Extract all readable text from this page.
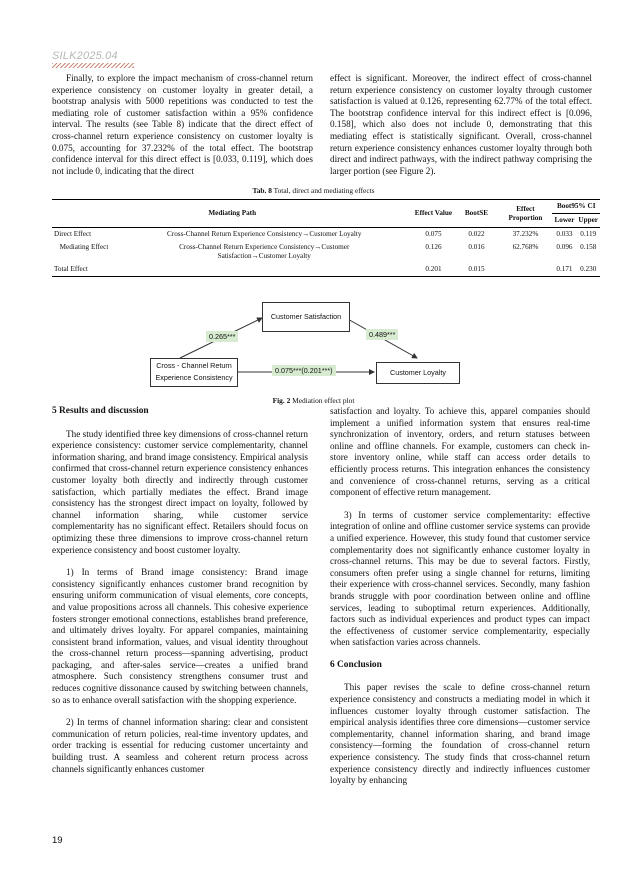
SILK2025.04

Finally, to explore the impact mechanism of cross-channel return experience consistency on customer loyalty in greater detail, a bootstrap analysis with 5000 repetitions was conducted to test the mediating role of customer satisfaction within a 95% confidence interval. The results (see Table 8) indicate that the direct effect of cross-channel return experience consistency on customer loyalty is 0.075, accounting for 37.232% of the total effect. The bootstrap confidence interval for this direct effect is [0.033, 0.119], which does not include 0, indicating that the direct

effect is significant. Moreover, the indirect effect of cross-channel return experience consistency on customer loyalty through customer satisfaction is valued at 0.126, representing 62.77% of the total effect. The bootstrap confidence interval for this indirect effect is [0.096, 0.158], which also does not include 0, demonstrating that this mediating effect is statistically significant. Overall, cross-channel return experience consistency enhances customer loyalty through both direct and indirect pathways, with the indirect pathway comprising the larger portion (see Figure 2).

Tab. 8 Total, direct and mediating effects
Mediating Path		Effect Value	BootSE	Effect Proportion	Boot95% CI	
					Lower	Upper
Direct Effect	Cross-Channel Return Experience Consistency→Customer Loyalty	0.075	0.022	37.232%	0.033	0.119
Mediating Effect	Cross-Channel Return Experience Consistency→Customer Satisfaction→Customer Loyalty	0.126	0.016	62.768%	0.096	0.158
Total Effect		0.201	0.015		0.171	0.230
Customer Satisfaction
Cross - Channel Return Experience Consistency
Customer Loyalty
0.265***	0.489***
0.075***(0.201***)
Fig. 2 Mediation effect plot
5 Results and discussion

The study identified three key dimensions of cross-channel return experience consistency: customer service complementarity, channel information sharing, and brand image consistency. Empirical analysis confirmed that cross-channel return experience consistency enhances customer loyalty both directly and indirectly through customer satisfaction, which partially mediates the effect. Brand image consistency has the strongest direct impact on loyalty, followed by channel information sharing, while customer service complementarity has no significant effect. Retailers should focus on optimizing these three dimensions to improve cross-channel return experience consistency and boost customer loyalty.

1) In terms of Brand image consistency: Brand image consistency significantly enhances customer brand recognition by ensuring uniform communication of visual elements, core concepts, and value propositions across all channels. This cohesive experience fosters stronger emotional connections, establishes brand preference, and ultimately drives loyalty. For apparel companies, maintaining consistent brand information, values, and visual identity throughout the cross-channel return process—spanning advertising, product packaging, and after-sales service—creates a unified brand atmosphere. Such consistency strengthens consumer trust and reduces cognitive dissonance caused by switching between channels, so as to enhance overall satisfaction with the shopping experience.

2) In terms of channel information sharing: clear and consistent communication of return policies, real-time inventory updates, and order tracking is essential for reducing customer uncertainty and building trust. A seamless and coherent return process across channels significantly enhances customer

satisfaction and loyalty. To achieve this, apparel companies should implement a unified information system that ensures real-time synchronization of inventory, orders, and return statuses between online and offline channels. For example, customers can check in-store inventory online, while staff can access order details to efficiently process returns. This integration enhances the consistency and convenience of cross-channel returns, serving as a critical component of effective return management.

3) In terms of customer service complementarity: effective integration of online and offline customer service systems can provide a unified experience. However, this study found that customer service complementarity does not significantly enhance customer loyalty in cross-channel returns. This may be due to several factors. Firstly, consumers often prefer using a single channel for returns, limiting their experience with cross-channel services. Secondly, many fashion brands struggle with poor coordination between online and offline services, leading to suboptimal return experiences. Additionally, factors such as individual experiences and product types can impact the effectiveness of customer service complementarity, especially when satisfaction varies across channels.

6 Conclusion

This paper revises the scale to define cross-channel return experience consistency and constructs a mediating model in which it influences customer loyalty through customer satisfaction. The empirical analysis identifies three core dimensions—customer service complementarity, channel information sharing, and brand image consistency—forming the foundation of cross-channel return experience consistency. The study finds that cross-channel return experience consistency directly and indirectly influences customer loyalty by enhancing

19
